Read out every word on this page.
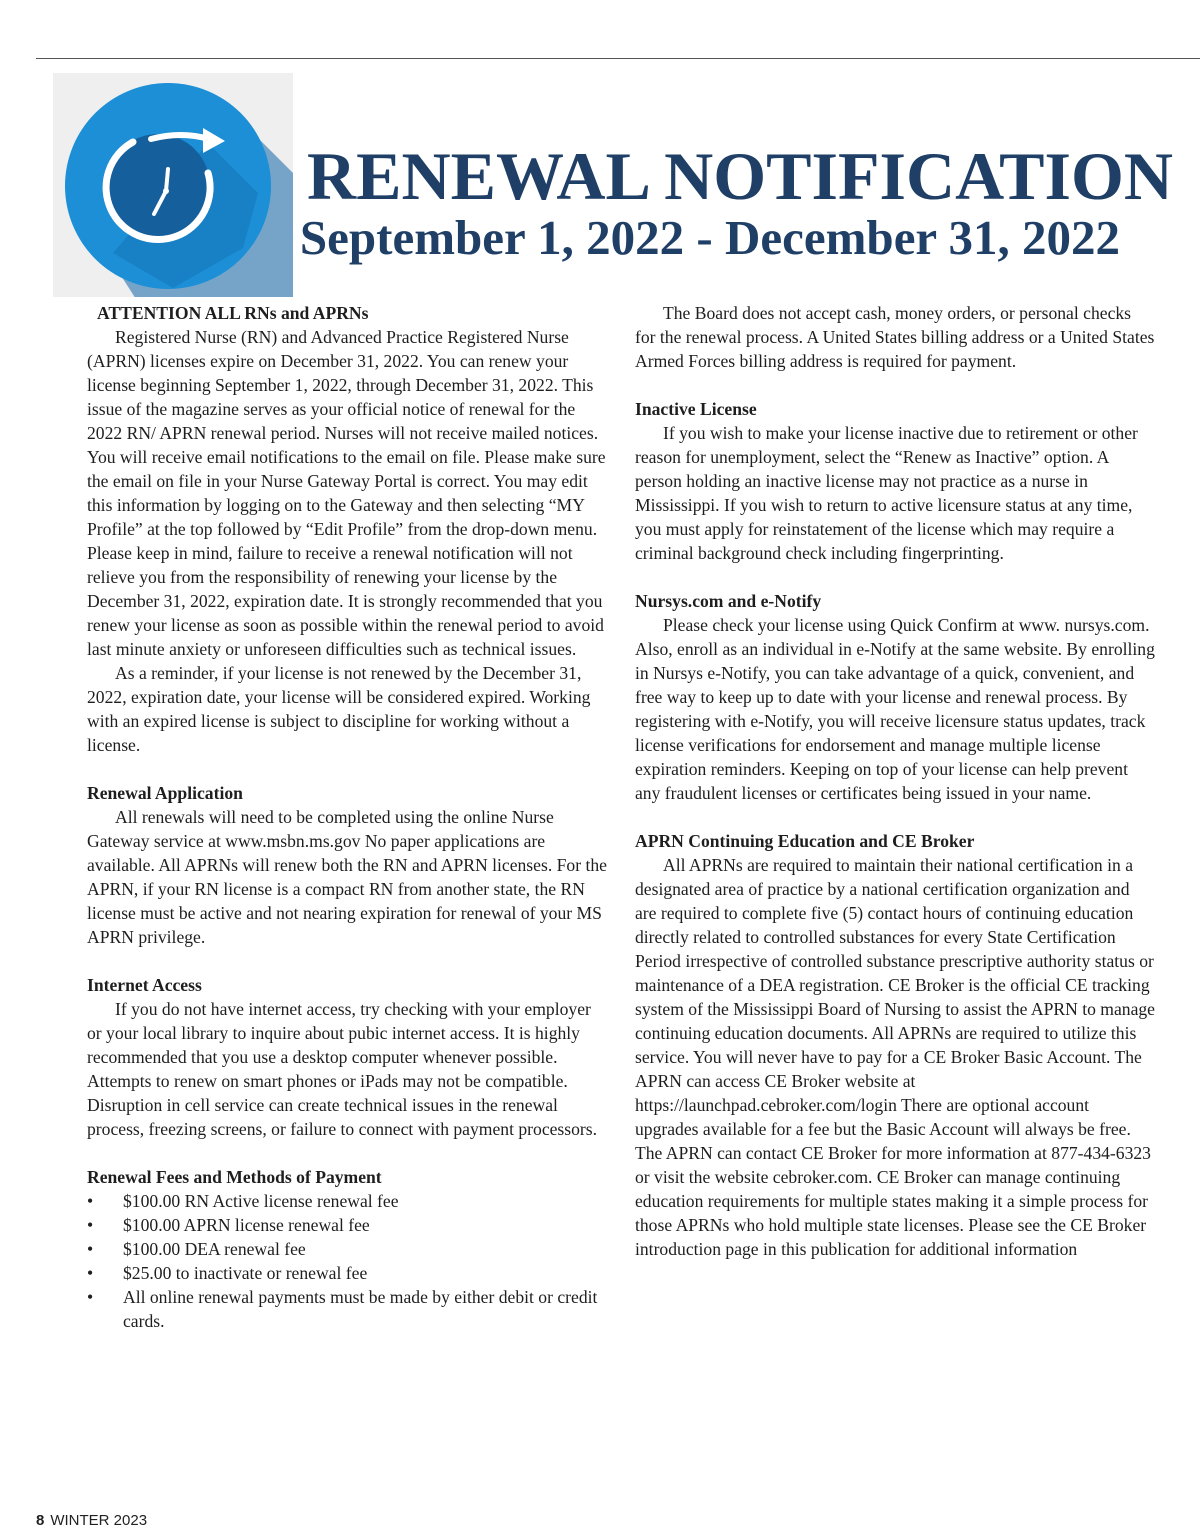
RENEWAL NOTIFICATION
September 1, 2022 - December 31, 2022
ATTENTION ALL RNs and APRNs

Registered Nurse (RN) and Advanced Practice Registered Nurse (APRN) licenses expire on December 31, 2022. You can renew your license beginning September 1, 2022, through December 31, 2022. This issue of the magazine serves as your official notice of renewal for the 2022 RN/ APRN renewal period. Nurses will not receive mailed notices. You will receive email notifications to the email on file. Please make sure the email on file in your Nurse Gateway Portal is correct. You may edit this information by logging on to the Gateway and then selecting “MY Profile” at the top followed by “Edit Profile” from the drop-down menu. Please keep in mind, failure to receive a renewal notification will not relieve you from the responsibility of renewing your license by the December 31, 2022, expiration date. It is strongly recommended that you renew your license as soon as possible within the renewal period to avoid last minute anxiety or unforeseen difficulties such as technical issues.

As a reminder, if your license is not renewed by the December 31, 2022, expiration date, your license will be considered expired. Working with an expired license is subject to discipline for working without a license.

Renewal Application

All renewals will need to be completed using the online Nurse Gateway service at www.msbn.ms.gov No paper applications are available. All APRNs will renew both the RN and APRN licenses. For the APRN, if your RN license is a compact RN from another state, the RN license must be active and not nearing expiration for renewal of your MS APRN privilege.

Internet Access

If you do not have internet access, try checking with your employer or your local library to inquire about pubic internet access. It is highly recommended that you use a desktop computer whenever possible. Attempts to renew on smart phones or iPads may not be compatible. Disruption in cell service can create technical issues in the renewal process, freezing screens, or failure to connect with payment processors.

Renewal Fees and Methods of Payment
• $100.00 RN Active license renewal fee
• $100.00 APRN license renewal fee
• $100.00 DEA renewal fee
• $25.00 to inactivate or renewal fee
• All online renewal payments must be made by either debit or credit cards.

The Board does not accept cash, money orders, or personal checks for the renewal process. A United States billing address or a United States Armed Forces billing address is required for payment.

Inactive License

If you wish to make your license inactive due to retirement or other reason for unemployment, select the “Renew as Inactive” option. A person holding an inactive license may not practice as a nurse in Mississippi. If you wish to return to active licensure status at any time, you must apply for reinstatement of the license which may require a criminal background check including fingerprinting.

Nursys.com and e-Notify

Please check your license using Quick Confirm at www. nursys.com. Also, enroll as an individual in e-Notify at the same website. By enrolling in Nursys e-Notify, you can take advantage of a quick, convenient, and free way to keep up to date with your license and renewal process. By registering with e-Notify, you will receive licensure status updates, track license verifications for endorsement and manage multiple license expiration reminders. Keeping on top of your license can help prevent any fraudulent licenses or certificates being issued in your name.

APRN Continuing Education and CE Broker

All APRNs are required to maintain their national certification in a designated area of practice by a national certification organization and are required to complete five (5) contact hours of continuing education directly related to controlled substances for every State Certification Period irrespective of controlled substance prescriptive authority status or maintenance of a DEA registration. CE Broker is the official CE tracking system of the Mississippi Board of Nursing to assist the APRN to manage continuing education documents. All APRNs are required to utilize this service. You will never have to pay for a CE Broker Basic Account. The APRN can access CE Broker website at https://launchpad.cebroker.com/login There are optional account upgrades available for a fee but the Basic Account will always be free. The APRN can contact CE Broker for more information at 877-434-6323 or visit the website cebroker.com. CE Broker can manage continuing education requirements for multiple states making it a simple process for those APRNs who hold multiple state licenses. Please see the CE Broker introduction page in this publication for additional information

8 WINTER 2023
